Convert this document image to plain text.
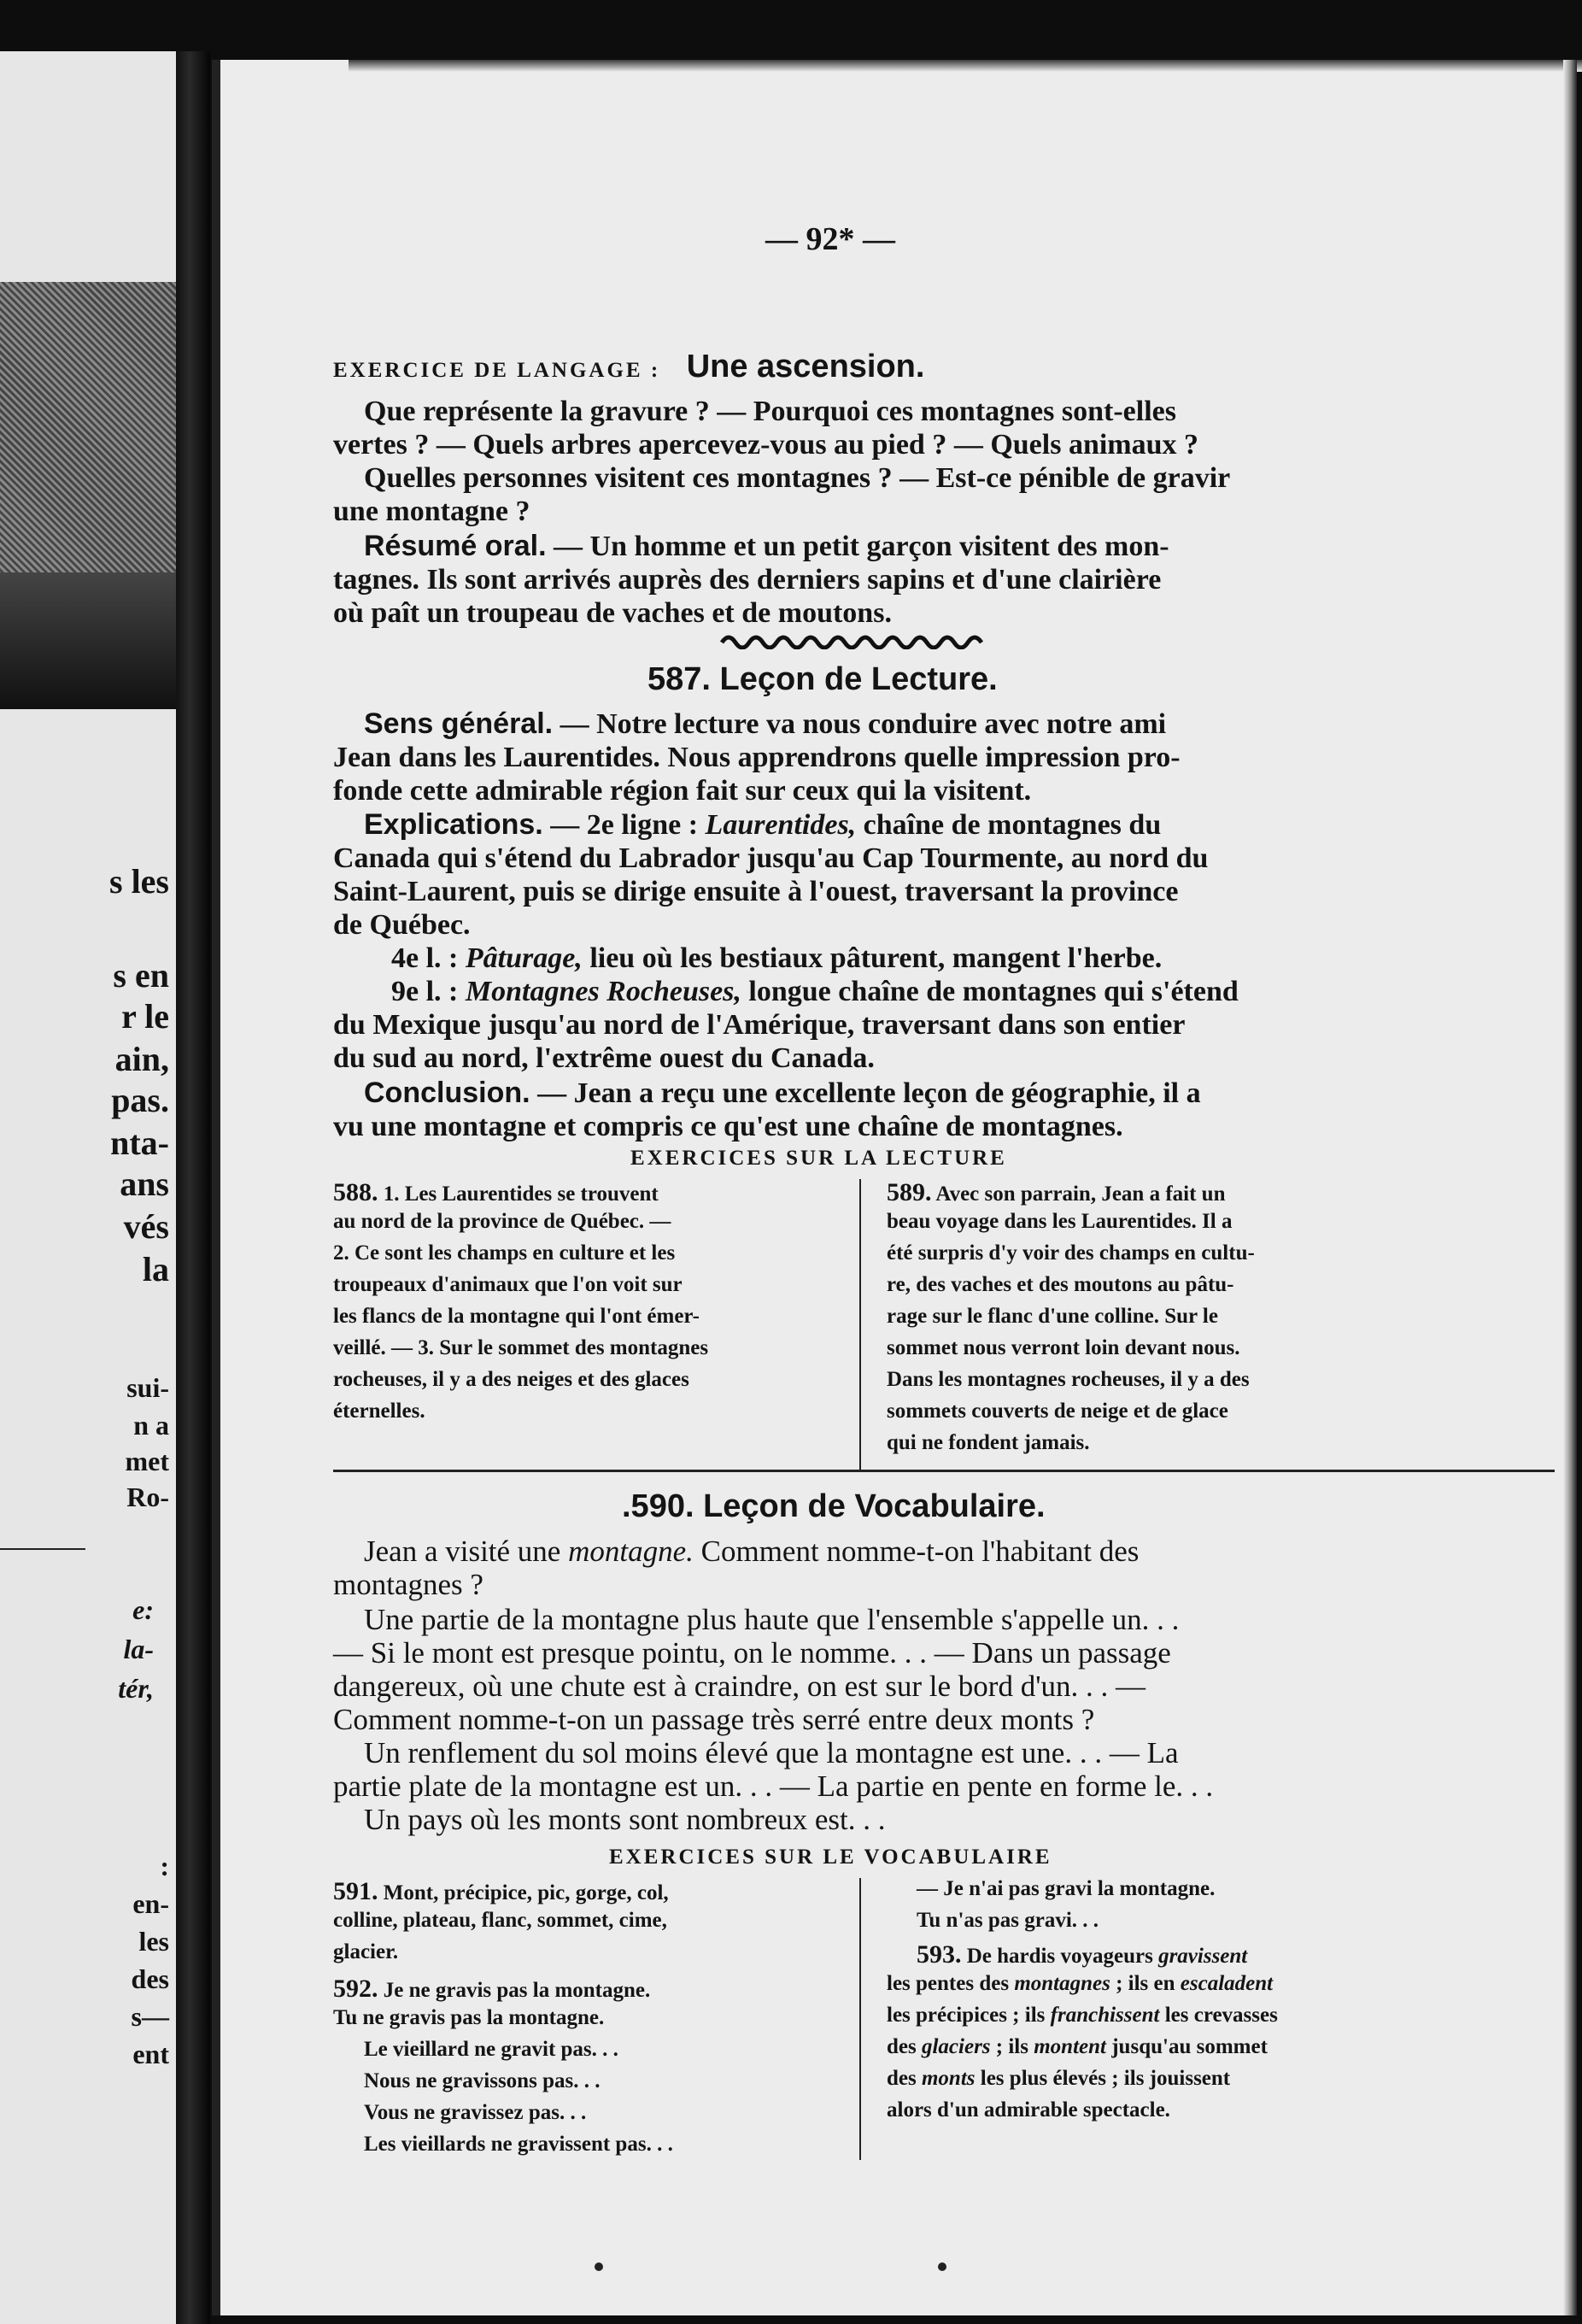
s les
s en
r le
ain,
pas.
nta-
ans
vés
la
sui-
n a
met
Ro-
e:
la-
tér,
:
en-
les
des
s—
ent
— 92* —
EXERCICE DE LANGAGE : Une ascension.
Que représente la gravure ? — Pourquoi ces montagnes sont-elles
vertes ? — Quels arbres apercevez-vous au pied ? — Quels animaux ?
Quelles personnes visitent ces montagnes ? — Est-ce pénible de gravir
une montagne ?
Résumé oral. — Un homme et un petit garçon visitent des mon-
tagnes. Ils sont arrivés auprès des derniers sapins et d'une clairière
où paît un troupeau de vaches et de moutons.
587. Leçon de Lecture.
Sens général. — Notre lecture va nous conduire avec notre ami
Jean dans les Laurentides. Nous apprendrons quelle impression pro-
fonde cette admirable région fait sur ceux qui la visitent.
Explications. — 2e ligne : Laurentides, chaîne de montagnes du
Canada qui s'étend du Labrador jusqu'au Cap Tourmente, au nord du
Saint-Laurent, puis se dirige ensuite à l'ouest, traversant la province
de Québec.
4e l. : Pâturage, lieu où les bestiaux pâturent, mangent l'herbe.
9e l. : Montagnes Rocheuses, longue chaîne de montagnes qui s'étend
du Mexique jusqu'au nord de l'Amérique, traversant dans son entier
du sud au nord, l'extrême ouest du Canada.
Conclusion. — Jean a reçu une excellente leçon de géographie, il a
vu une montagne et compris ce qu'est une chaîne de montagnes.
EXERCICES SUR LA LECTURE
588. 1. Les Laurentides se trouvent
au nord de la province de Québec. —
2. Ce sont les champs en culture et les
troupeaux d'animaux que l'on voit sur
les flancs de la montagne qui l'ont émer-
veillé. — 3. Sur le sommet des montagnes
rocheuses, il y a des neiges et des glaces
éternelles.
589. Avec son parrain, Jean a fait un
beau voyage dans les Laurentides. Il a
été surpris d'y voir des champs en cultu-
re, des vaches et des moutons au pâtu-
rage sur le flanc d'une colline. Sur le
sommet nous verront loin devant nous.
Dans les montagnes rocheuses, il y a des
sommets couverts de neige et de glace
qui ne fondent jamais.
.590. Leçon de Vocabulaire.
Jean a visité une montagne. Comment nomme-t-on l'habitant des
montagnes ?
Une partie de la montagne plus haute que l'ensemble s'appelle un. . .
— Si le mont est presque pointu, on le nomme. . . — Dans un passage
dangereux, où une chute est à craindre, on est sur le bord d'un. . . —
Comment nomme-t-on un passage très serré entre deux monts ?
Un renflement du sol moins élevé que la montagne est une. . . — La
partie plate de la montagne est un. . . — La partie en pente en forme le. . .
Un pays où les monts sont nombreux est. . .
EXERCICES SUR LE VOCABULAIRE
591. Mont, précipice, pic, gorge, col,
colline, plateau, flanc, sommet, cime,
glacier.
592. Je ne gravis pas la montagne.
Tu ne gravis pas la montagne.
Le vieillard ne gravit pas. . .
Nous ne gravissons pas. . .
Vous ne gravissez pas. . .
Les vieillards ne gravissent pas. . .
— Je n'ai pas gravi la montagne.
Tu n'as pas gravi. . .
593. De hardis voyageurs gravissent
les pentes des montagnes ; ils en escaladent
les précipices ; ils franchissent les crevasses
des glaciers ; ils montent jusqu'au sommet
des monts les plus élevés ; ils jouissent
alors d'un admirable spectacle.
